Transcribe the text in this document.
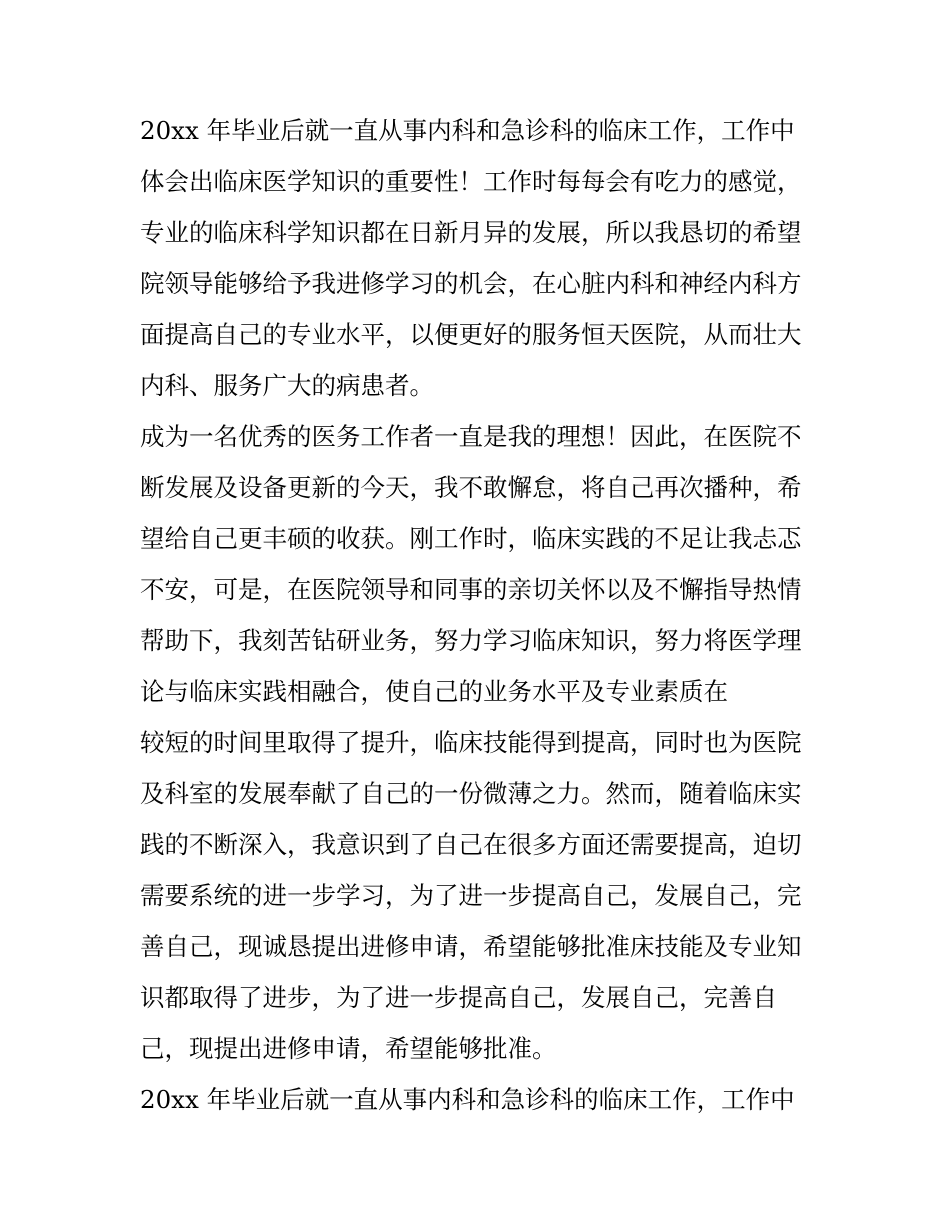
20xx 年毕业后就一直从事内科和急诊科的临床工作，工作中
体会出临床医学知识的重要性！工作时每每会有吃力的感觉，
专业的临床科学知识都在日新月异的发展，所以我恳切的希望
院领导能够给予我进修学习的机会，在心脏内科和神经内科方
面提高自己的专业水平，以便更好的服务恒天医院，从而壮大
内科、服务广大的病患者。
成为一名优秀的医务工作者一直是我的理想！因此，在医院不
断发展及设备更新的今天，我不敢懈怠，将自己再次播种，希
望给自己更丰硕的收获。刚工作时，临床实践的不足让我忐忑
不安，可是，在医院领导和同事的亲切关怀以及不懈指导热情
帮助下，我刻苦钻研业务，努力学习临床知识，努力将医学理
论与临床实践相融合，使自己的业务水平及专业素质在
较短的时间里取得了提升，临床技能得到提高，同时也为医院
及科室的发展奉献了自己的一份微薄之力。然而，随着临床实
践的不断深入，我意识到了自己在很多方面还需要提高，迫切
需要系统的进一步学习，为了进一步提高自己，发展自己，完
善自己，现诚恳提出进修申请，希望能够批准床技能及专业知
识都取得了进步，为了进一步提高自己，发展自己，完善自
己，现提出进修申请，希望能够批准。
20xx 年毕业后就一直从事内科和急诊科的临床工作，工作中
